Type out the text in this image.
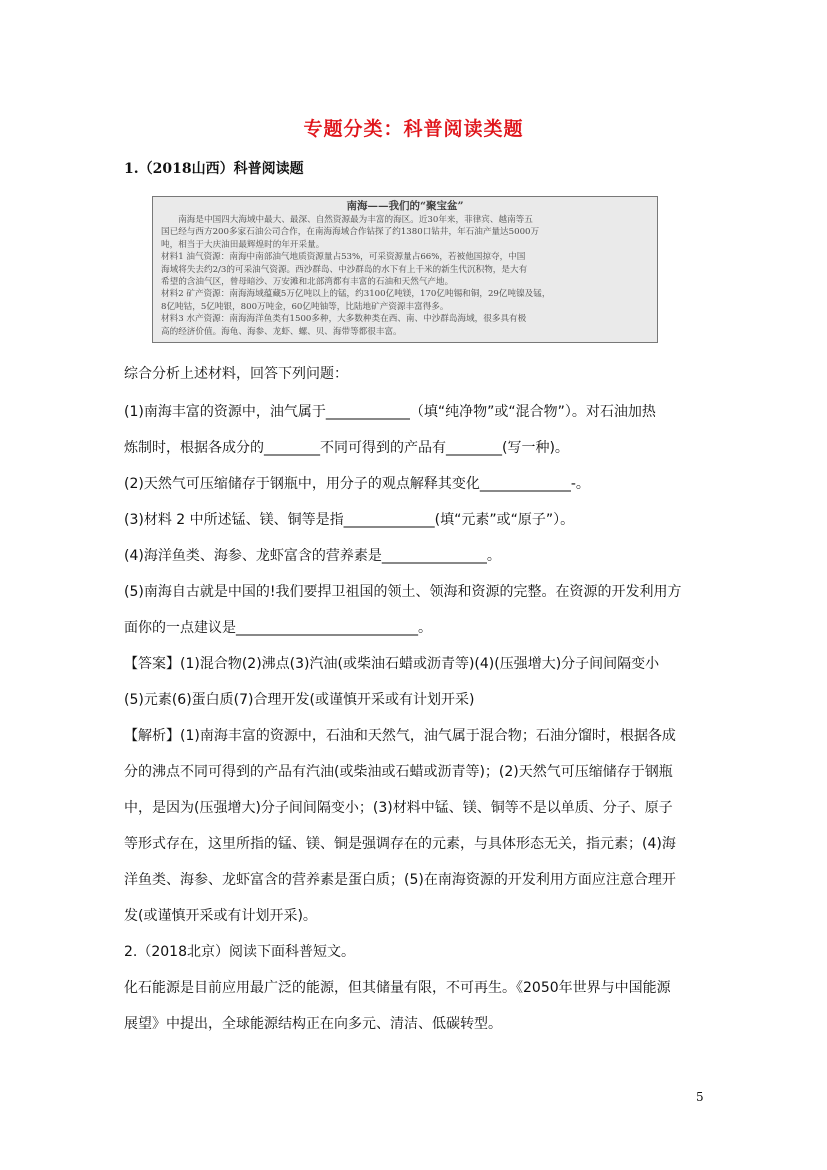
专题分类：科普阅读类题
1.（2018山西）科普阅读题
南海——我们的“聚宝盆”

南海是中国四大海域中最大、最深、自然资源最为丰富的海区。近30年来，菲律宾、越南等五

国已经与西方200多家石油公司合作，在南海海域合作钻探了约1380口钻井，年石油产量达5000万

吨，相当于大庆油田最辉煌时的年开采量。

材料1 油气资源：南海中南部油气地质资源量占53%，可采资源量占66%，若被他国掠夺，中国

海域将失去约2/3的可采油气资源。西沙群岛、中沙群岛的水下有上千米的新生代沉积物，是大有

希望的含油气区，曾母暗沙、万安滩和北部湾都有丰富的石油和天然气产地。

材料2 矿产资源：南海海域蕴藏5万亿吨以上的锰，约3100亿吨镁，170亿吨锡和铜，29亿吨镍及锰，

8亿吨钴，5亿吨银，800万吨金，60亿吨铀等，比陆地矿产资源丰富得多。

材料3 水产资源：南海海洋鱼类有1500多种，大多数种类在西、南、中沙群岛海域，很多具有极

高的经济价值。海龟、海参、龙虾、螺、贝、海带等都很丰富。

综合分析上述材料，回答下列问题：
(1)南海丰富的资源中，油气属于____________（填“纯净物”或“混合物”）。对石油加热
炼制时，根据各成分的________不同可得到的产品有________(写一种)。
(2)天然气可压缩储存于钢瓶中，用分子的观点解释其变化_____________-。
(3)材料 2 中所述锰、镁、铜等是指_____________(填“元素”或“原子”）。
(4)海洋鱼类、海参、龙虾富含的营养素是_______________。
(5)南海自古就是中国的!我们要捍卫祖国的领土、领海和资源的完整。在资源的开发利用方
面你的一点建议是__________________________。
【答案】(1)混合物(2)沸点(3)汽油(或柴油石蜡或沥青等)(4)(压强增大)分子间间隔变小
(5)元素(6)蛋白质(7)合理开发(或谨慎开采或有计划开采)
【解析】(1)南海丰富的资源中，石油和天然气，油气属于混合物；石油分馏时，根据各成
分的沸点不同可得到的产品有汽油(或柴油或石蜡或沥青等)；(2)天然气可压缩储存于钢瓶
中，是因为(压强增大)分子间间隔变小；(3)材料中锰、镁、铜等不是以单质、分子、原子
等形式存在，这里所指的锰、镁、铜是强调存在的元素，与具体形态无关，指元素；(4)海
洋鱼类、海参、龙虾富含的营养素是蛋白质；(5)在南海资源的开发利用方面应注意合理开
发(或谨慎开采或有计划开采)。
2.（2018北京）阅读下面科普短文。
化石能源是目前应用最广泛的能源，但其储量有限，不可再生。《2050年世界与中国能源
展望》中提出，全球能源结构正在向多元、清洁、低碳转型。
5
